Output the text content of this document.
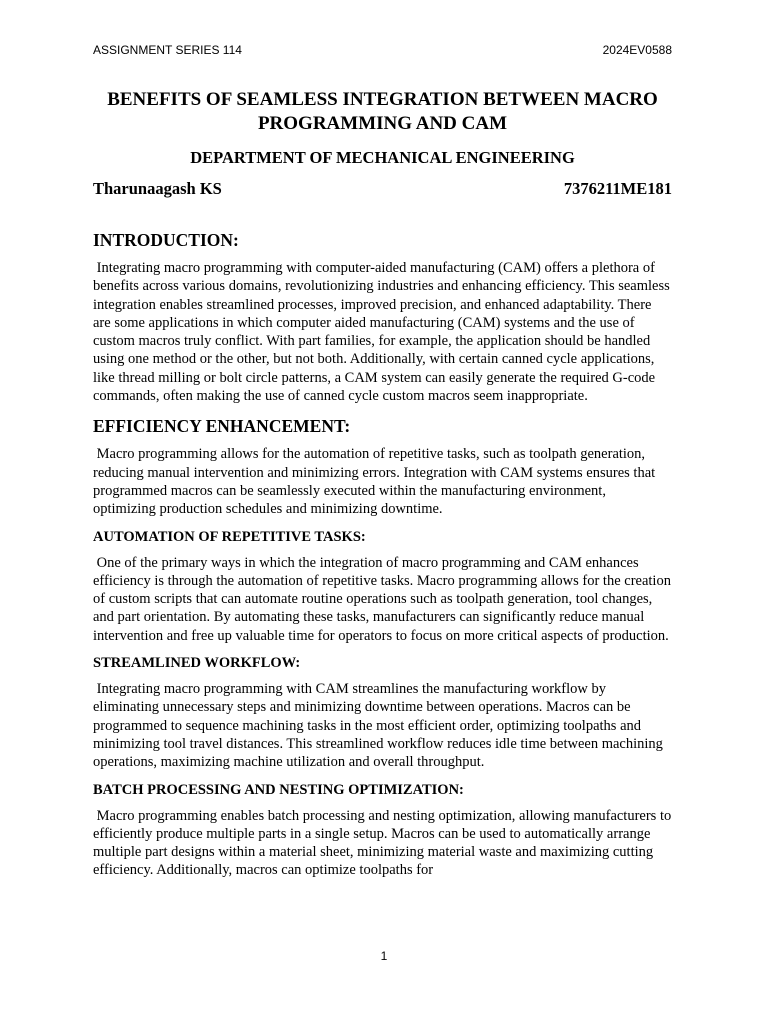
ASSIGNMENT SERIES 114	2024EV0588
BENEFITS OF SEAMLESS INTEGRATION BETWEEN MACRO PROGRAMMING AND CAM
DEPARTMENT OF MECHANICAL ENGINEERING
Tharunaagash KS	7376211ME181
INTRODUCTION:

Integrating macro programming with computer-aided manufacturing (CAM) offers a plethora of benefits across various domains, revolutionizing industries and enhancing efficiency. This seamless integration enables streamlined processes, improved precision, and enhanced adaptability. There are some applications in which computer aided manufacturing (CAM) systems and the use of custom macros truly conflict. With part families, for example, the application should be handled using one method or the other, but not both. Additionally, with certain canned cycle applications, like thread milling or bolt circle patterns, a CAM system can easily generate the required G-code commands, often making the use of canned cycle custom macros seem inappropriate.

EFFICIENCY ENHANCEMENT:

Macro programming allows for the automation of repetitive tasks, such as toolpath generation, reducing manual intervention and minimizing errors. Integration with CAM systems ensures that programmed macros can be seamlessly executed within the manufacturing environment, optimizing production schedules and minimizing downtime.

AUTOMATION OF REPETITIVE TASKS:

One of the primary ways in which the integration of macro programming and CAM enhances efficiency is through the automation of repetitive tasks. Macro programming allows for the creation of custom scripts that can automate routine operations such as toolpath generation, tool changes, and part orientation. By automating these tasks, manufacturers can significantly reduce manual intervention and free up valuable time for operators to focus on more critical aspects of production.

STREAMLINED WORKFLOW:

Integrating macro programming with CAM streamlines the manufacturing workflow by eliminating unnecessary steps and minimizing downtime between operations. Macros can be programmed to sequence machining tasks in the most efficient order, optimizing toolpaths and minimizing tool travel distances. This streamlined workflow reduces idle time between machining operations, maximizing machine utilization and overall throughput.

BATCH PROCESSING AND NESTING OPTIMIZATION:

Macro programming enables batch processing and nesting optimization, allowing manufacturers to efficiently produce multiple parts in a single setup. Macros can be used to automatically arrange multiple part designs within a material sheet, minimizing material waste and maximizing cutting efficiency. Additionally, macros can optimize toolpaths for

1
